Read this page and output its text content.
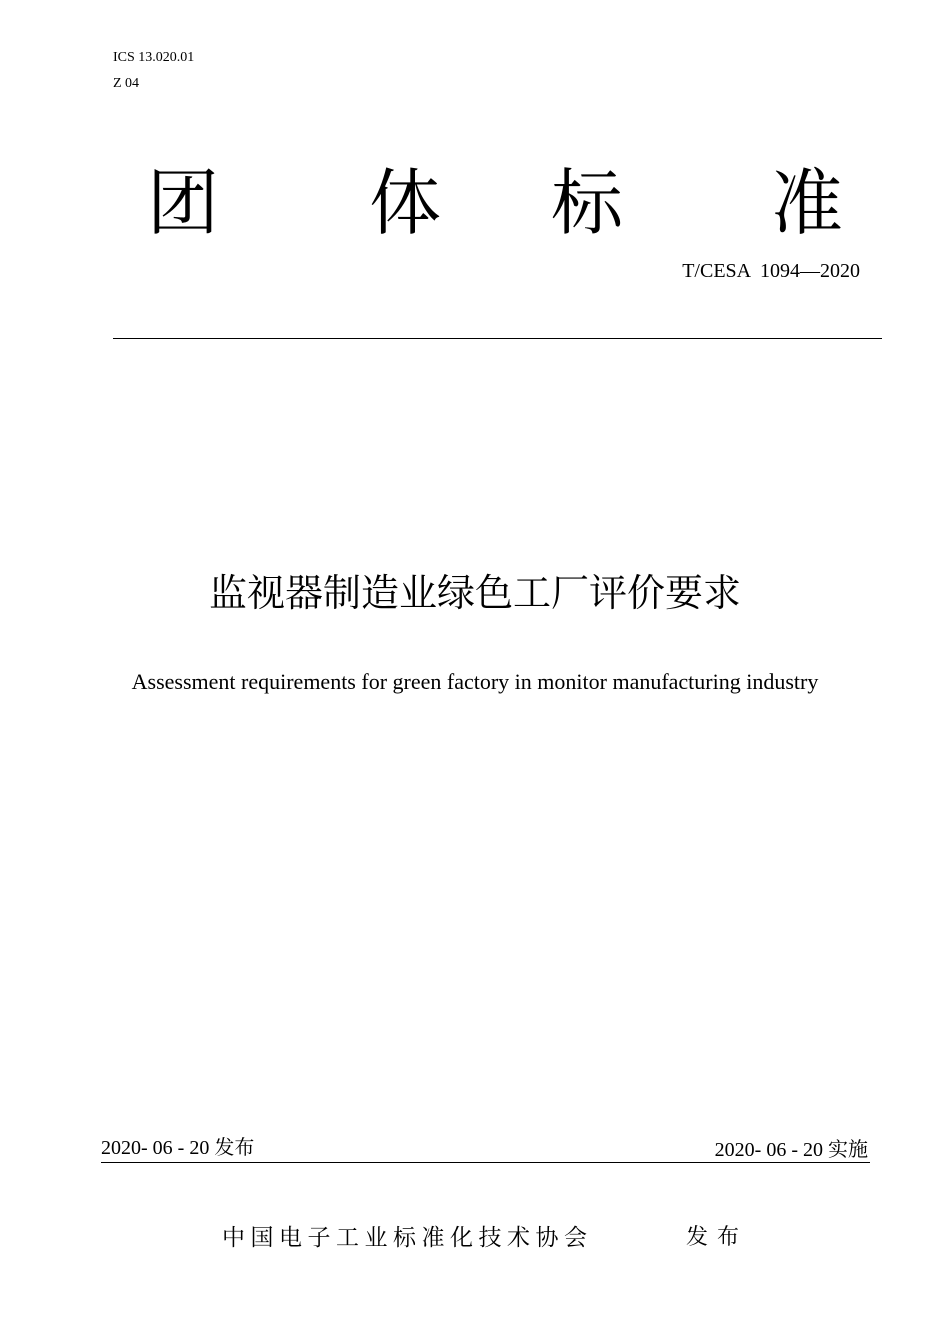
ICS 13.020.01
Z 04
团 体 标 准
T/CESA  1094—2020
监视器制造业绿色工厂评价要求
Assessment requirements for green factory in monitor manufacturing industry
2020- 06 - 20 发布	2020- 06 - 20 实施
中国电子工业标准化技术协会	发布
